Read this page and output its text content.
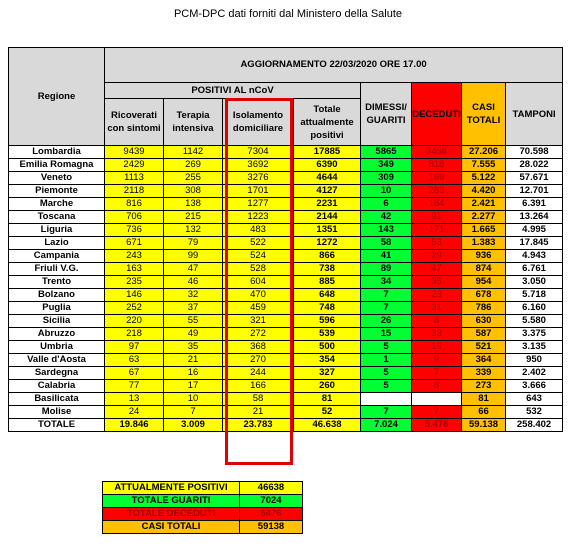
PCM-DPC dati forniti dal Ministero della Salute
Regione	AGGIORNAMENTO 22/03/2020 ORE 17.00							
	POSITIVI AL nCoV				DIMESSI/ GUARITI	DECEDUTI	CASI TOTALI	TAMPONI
	Ricoverati con sintomi	Terapia intensiva	Isolamento domiciliare	Totale attualmente positivi				
Lombardia	9439	1142	7304	17885	5865	3456	27.206	70.598
Emilia Romagna	2429	269	3692	6390	349	818	7.555	28.022
Veneto	1113	255	3276	4644	309	169	5.122	57.671
Piemonte	2118	308	1701	4127	10	283	4.420	12.701
Marche	816	138	1277	2231	6	184	2.421	6.391
Toscana	706	215	1223	2144	42	91	2.277	13.264
Liguria	736	132	483	1351	143	171	1.665	4.995
Lazio	671	79	522	1272	58	53	1.383	17.845
Campania	243	99	524	866	41	29	936	4.943
Friuli V.G.	163	47	528	738	89	47	874	6.761
Trento	235	46	604	885	34	35	954	3.050
Bolzano	146	32	470	648	7	23	678	5.718
Puglia	252	37	459	748	7	31	786	6.160
Sicilia	220	55	321	596	26	8	630	5.580
Abruzzo	218	49	272	539	15	33	587	3.375
Umbria	97	35	368	500	5	16	521	3.135
Valle d'Aosta	63	21	270	354	1	9	364	950
Sardegna	67	16	244	327	5	7	339	2.402
Calabria	77	17	166	260	5	8	273	3.666
Basilicata	13	10	58	81			81	643
Molise	24	7	21	52	7	7	66	532
TOTALE	19.846	3.009	23.783	46.638	7.024	5.476	59.138	258.402
ATTUALMENTE POSITIVI	46638
TOTALE GUARITI	7024
TOTALE DECEDUTI	5476
CASI TOTALI	59138
